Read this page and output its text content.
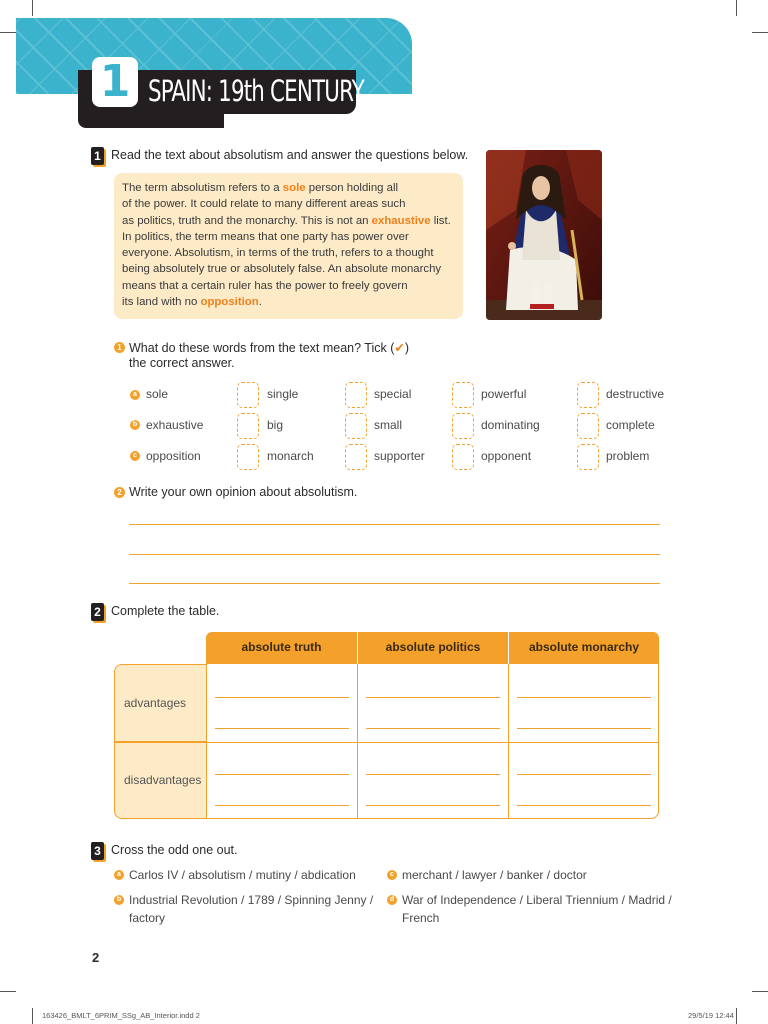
1 SPAIN: 19th CENTURY
1 Read the text about absolutism and answer the questions below.
The term absolutism refers to a sole person holding all
of the power. It could relate to many different areas such
as politics, truth and the monarchy. This is not an exhaustive list.
In politics, the term means that one party has power over
everyone. Absolutism, in terms of the truth, refers to a thought
being absolutely true or absolutely false. An absolute monarchy
means that a certain ruler has the power to freely govern
its land with no opposition.
1 What do these words from the text mean? Tick (✔)
the correct answer.
a sole	single	special	powerful	destructive
b exhaustive	big	small	dominating	complete
c opposition	monarch	supporter	opponent	problem
2 Write your own opinion about absolutism.
2 Complete the table.
absolute truth	absolute politics	absolute monarchy
advantages
disadvantages
3 Cross the odd one out.
a Carlos IV / absolutism / mutiny / abdication
b Industrial Revolution / 1789 / Spinning Jenny /
factory
c merchant / lawyer / banker / doctor
d War of Independence / Liberal Triennium / Madrid /
French
2
163426_BMLT_6PRIM_SSg_AB_Interior.indd 2	29/5/19 12:44
